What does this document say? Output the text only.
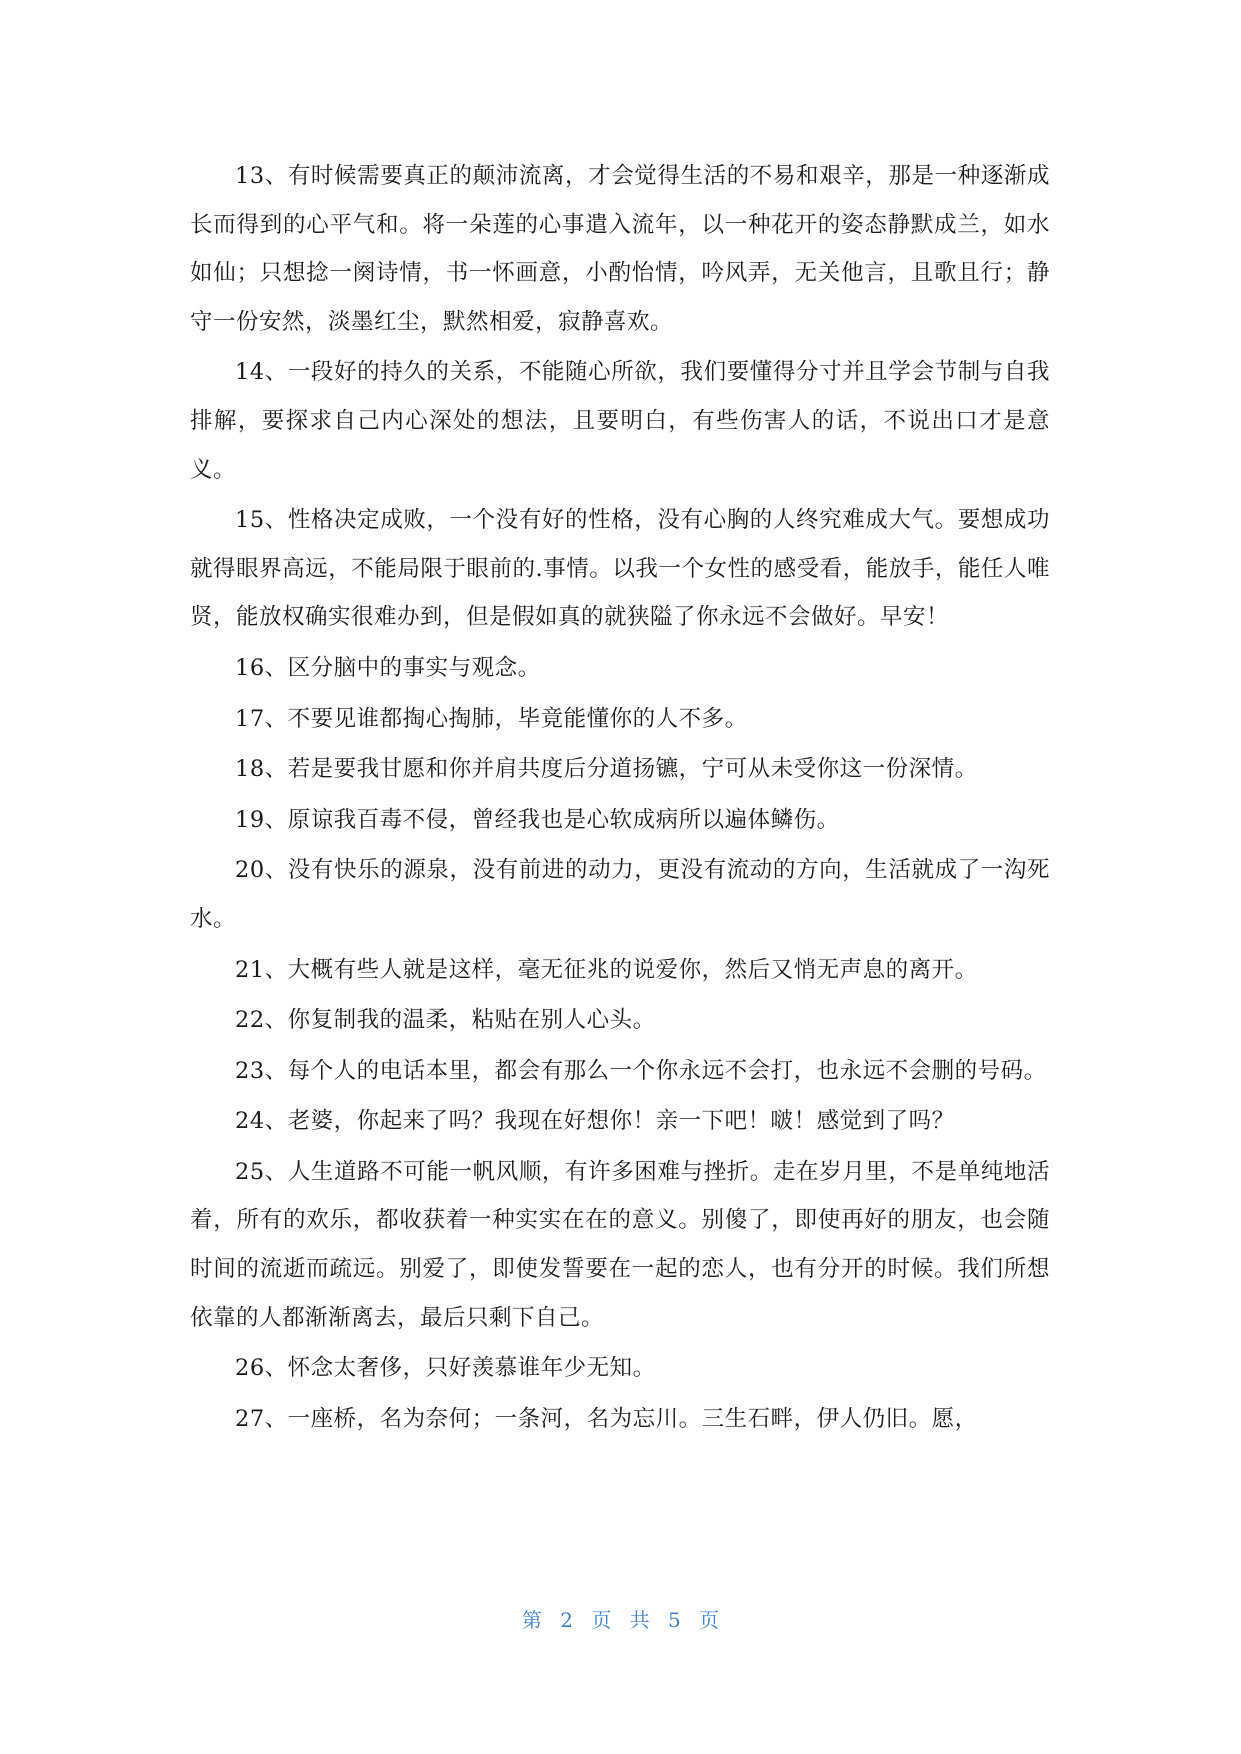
13、有时候需要真正的颠沛流离，才会觉得生活的不易和艰辛，那是一种逐渐成长而得到的心平气和。将一朵莲的心事遣入流年，以一种花开的姿态静默成兰，如水如仙；只想捻一阕诗情，书一怀画意，小酌怡情，吟风弄，无关他言，且歌且行；静守一份安然，淡墨红尘，默然相爱，寂静喜欢。

14、一段好的持久的关系，不能随心所欲，我们要懂得分寸并且学会节制与自我排解，要探求自己内心深处的想法，且要明白，有些伤害人的话，不说出口才是意义。

15、性格决定成败，一个没有好的性格，没有心胸的人终究难成大气。要想成功就得眼界高远，不能局限于眼前的.事情。以我一个女性的感受看，能放手，能任人唯贤，能放权确实很难办到，但是假如真的就狭隘了你永远不会做好。早安！

16、区分脑中的事实与观念。

17、不要见谁都掏心掏肺，毕竟能懂你的人不多。

18、若是要我甘愿和你并肩共度后分道扬镳，宁可从未受你这一份深情。

19、原谅我百毒不侵，曾经我也是心软成病所以遍体鳞伤。

20、没有快乐的源泉，没有前进的动力，更没有流动的方向，生活就成了一沟死水。

21、大概有些人就是这样，毫无征兆的说爱你，然后又悄无声息的离开。

22、你复制我的温柔，粘贴在别人心头。

23、每个人的电话本里，都会有那么一个你永远不会打，也永远不会删的号码。

24、老婆，你起来了吗？我现在好想你！亲一下吧！啵！感觉到了吗？

25、人生道路不可能一帆风顺，有许多困难与挫折。走在岁月里，不是单纯地活着，所有的欢乐，都收获着一种实实在在的意义。别傻了，即使再好的朋友，也会随时间的流逝而疏远。别爱了，即使发誓要在一起的恋人，也有分开的时候。我们所想依靠的人都渐渐离去，最后只剩下自己。

26、怀念太奢侈，只好羡慕谁年少无知。

27、一座桥，名为奈何；一条河，名为忘川。三生石畔，伊人仍旧。愿，

第 2 页 共 5 页
